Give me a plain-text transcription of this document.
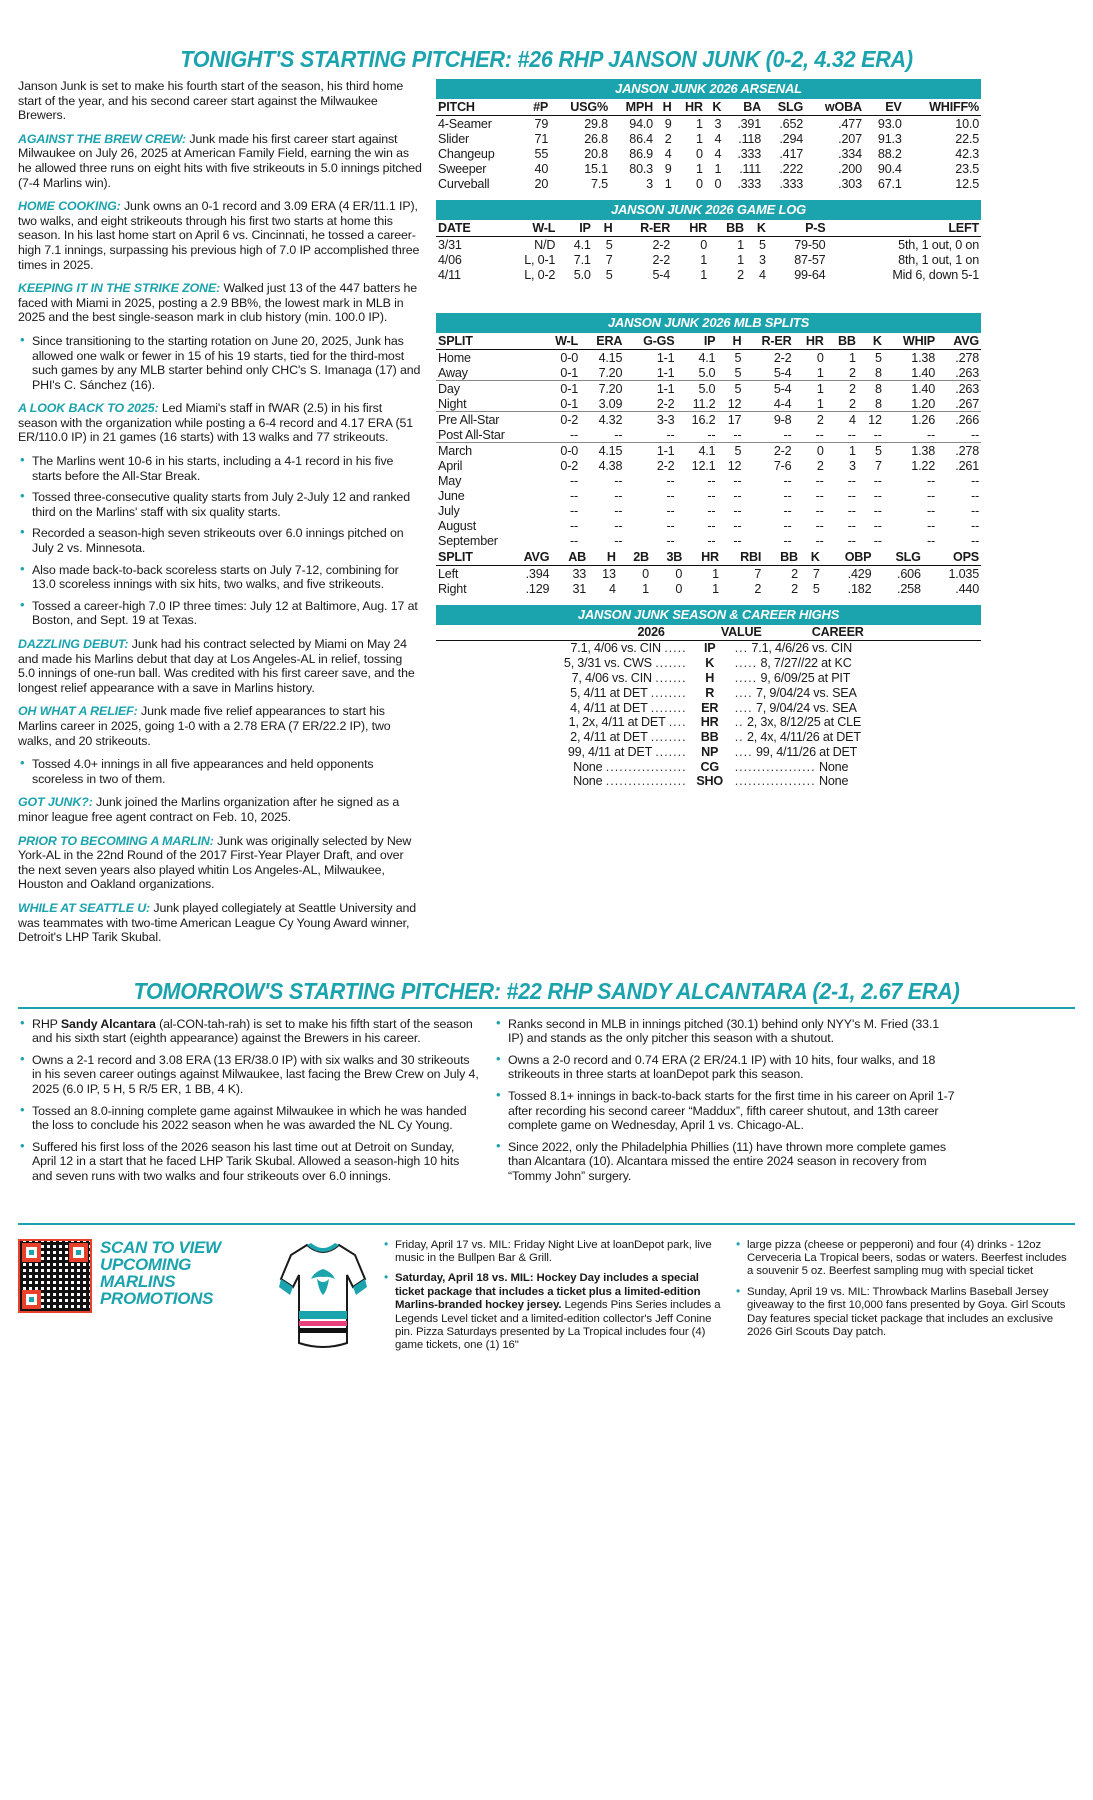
TONIGHT'S STARTING PITCHER: #26 RHP JANSON JUNK (0-2, 4.32 ERA)

Janson Junk is set to make his fourth start of the season, his third home start of the year, and his second career start against the Milwaukee Brewers.

AGAINST THE BREW CREW: Junk made his first career start against Milwaukee on July 26, 2025 at American Family Field, earning the win as he allowed three runs on eight hits with five strikeouts in 5.0 innings pitched (7-4 Marlins win).

HOME COOKING: Junk owns an 0-1 record and 3.09 ERA (4 ER/11.1 IP), two walks, and eight strikeouts through his first two starts at home this season. In his last home start on April 6 vs. Cincinnati, he tossed a career-high 7.1 innings, surpassing his previous high of 7.0 IP accomplished three times in 2025.

KEEPING IT IN THE STRIKE ZONE: Walked just 13 of the 447 batters he faced with Miami in 2025, posting a 2.9 BB%, the lowest mark in MLB in 2025 and the best single-season mark in club history (min. 100.0 IP).

• Since transitioning to the starting rotation on June 20, 2025, Junk has allowed one walk or fewer in 15 of his 19 starts, tied for the third-most such games by any MLB starter behind only CHC's S. Imanaga (17) and PHI's C. Sánchez (16).

A LOOK BACK TO 2025: Led Miami's staff in fWAR (2.5) in his first season with the organization while posting a 6-4 record and 4.17 ERA (51 ER/110.0 IP) in 21 games (16 starts) with 13 walks and 77 strikeouts.

• The Marlins went 10-6 in his starts, including a 4-1 record in his five starts before the All-Star Break.
• Tossed three-consecutive quality starts from July 2-July 12 and ranked third on the Marlins' staff with six quality starts.
• Recorded a season-high seven strikeouts over 6.0 innings pitched on July 2 vs. Minnesota.
• Also made back-to-back scoreless starts on July 7-12, combining for 13.0 scoreless innings with six hits, two walks, and five strikeouts.
• Tossed a career-high 7.0 IP three times: July 12 at Baltimore, Aug. 17 at Boston, and Sept. 19 at Texas.

DAZZLING DEBUT: Junk had his contract selected by Miami on May 24 and made his Marlins debut that day at Los Angeles-AL in relief, tossing 5.0 innings of one-run ball. Was credited with his first career save, and the longest relief appearance with a save in Marlins history.

OH WHAT A RELIEF: Junk made five relief appearances to start his Marlins career in 2025, going 1-0 with a 2.78 ERA (7 ER/22.2 IP), two walks, and 20 strikeouts.

• Tossed 4.0+ innings in all five appearances and held opponents scoreless in two of them.

GOT JUNK?: Junk joined the Marlins organization after he signed as a minor league free agent contract on Feb. 10, 2025.

PRIOR TO BECOMING A MARLIN: Junk was originally selected by New York-AL in the 22nd Round of the 2017 First-Year Player Draft, and over the next seven years also played whitin Los Angeles-AL, Milwaukee, Houston and Oakland organizations.

WHILE AT SEATTLE U: Junk played collegiately at Seattle University and was teammates with two-time American League Cy Young Award winner, Detroit's LHP Tarik Skubal.

JANSON JUNK 2026 ARSENAL
PITCH	#P	USG%	MPH	H	HR	K	BA	SLG	wOBA	EV	WHIFF%
4-Seamer	79	29.8	94.0	9	1	3	.391	.652	.477	93.0	10.0
Slider	71	26.8	86.4	2	1	4	.118	.294	.207	91.3	22.5
Changeup	55	20.8	86.9	4	0	4	.333	.417	.334	88.2	42.3
Sweeper	40	15.1	80.3	9	1	1	.111	.222	.200	90.4	23.5
Curveball	20	7.5	3	1	0	0	.333	.333	.303	67.1	12.5
JANSON JUNK 2026 GAME LOG
DATE	W-L	IP	H	R-ER	HR	BB	K	P-S	LEFT
3/31	N/D	4.1	5	2-2	0	1	5	79-50	5th, 1 out, 0 on
4/06	L, 0-1	7.1	7	2-2	1	1	3	87-57	8th, 1 out, 1 on
4/11	L, 0-2	5.0	5	5-4	1	2	4	99-64	Mid 6, down 5-1
JANSON JUNK 2026 MLB SPLITS
SPLIT	W-L	ERA	G-GS	IP	H	R-ER	HR	BB	K	WHIP	AVG
Home	0-0	4.15	1-1	4.1	5	2-2	0	1	5	1.38	.278
Away	0-1	7.20	1-1	5.0	5	5-4	1	2	8	1.40	.263
Day	0-1	7.20	1-1	5.0	5	5-4	1	2	8	1.40	.263
Night	0-1	3.09	2-2	11.2	12	4-4	1	2	8	1.20	.267
Pre All-Star	0-2	4.32	3-3	16.2	17	9-8	2	4	12	1.26	.266
Post All-Star	--	--	--	--	--	--	--	--	--	--	--
March	0-0	4.15	1-1	4.1	5	2-2	0	1	5	1.38	.278
April	0-2	4.38	2-2	12.1	12	7-6	2	3	7	1.22	.261
May	--	--	--	--	--	--	--	--	--	--	--
June	--	--	--	--	--	--	--	--	--	--	--
July	--	--	--	--	--	--	--	--	--	--	--
August	--	--	--	--	--	--	--	--	--	--	--
September	--	--	--	--	--	--	--	--	--	--	--
SPLIT	AVG	AB	H	2B	3B	HR	RBI	BB	K	OBP	SLG	OPS
Left	.394	33	13	0	0	1	7	2	7	.429	.606	1.035
Right	.129	31	4	1	0	1	2	2	5	.182	.258	.440
JANSON JUNK SEASON & CAREER HIGHS
2026	VALUE	CAREER
7.1, 4/06 vs. CIN .....	IP	... 7.1, 4/6/26 vs. CIN
5, 3/31 vs. CWS .......	K	..... 8, 7/27//22 at KC
7, 4/06 vs. CIN .......	H	..... 9, 6/09/25 at PIT
5, 4/11 at DET ........	R	.... 7, 9/04/24 vs. SEA
4, 4/11 at DET ........	ER	.... 7, 9/04/24 vs. SEA
1, 2x, 4/11 at DET ....	HR	.. 2, 3x, 8/12/25 at CLE
2, 4/11 at DET ........	BB	.. 2, 4x, 4/11/26 at DET
99, 4/11 at DET .......	NP	.... 99, 4/11/26 at DET
None ..................	CG	.................. None
None .................. SHO .................. None
TOMORROW'S STARTING PITCHER: #22 RHP SANDY ALCANTARA (2-1, 2.67 ERA)
• RHP Sandy Alcantara (al-CON-tah-rah) is set to make his fifth start of the season and his sixth start (eighth appearance) against the Brewers in his career.
• Owns a 2-1 record and 3.08 ERA (13 ER/38.0 IP) with six walks and 30 strikeouts in his seven career outings against Milwaukee, last facing the Brew Crew on July 4, 2025 (6.0 IP, 5 H, 5 R/5 ER, 1 BB, 4 K).
• Tossed an 8.0-inning complete game against Milwaukee in which he was handed the loss to conclude his 2022 season when he was awarded the NL Cy Young.
• Suffered his first loss of the 2026 season his last time out at Detroit on Sunday, April 12 in a start that he faced LHP Tarik Skubal. Allowed a season-high 10 hits and seven runs with two walks and four strikeouts over 6.0 innings.
• Ranks second in MLB in innings pitched (30.1) behind only NYY's M. Fried (33.1 IP) and stands as the only pitcher this season with a shutout.
• Owns a 2-0 record and 0.74 ERA (2 ER/24.1 IP) with 10 hits, four walks, and 18 strikeouts in three starts at loanDepot park this season.
• Tossed 8.1+ innings in back-to-back starts for the first time in his career on April 1-7 after recording his second career “Maddux”, fifth career shutout, and 13th career complete game on Wednesday, April 1 vs. Chicago-AL.
• Since 2022, only the Philadelphia Phillies (11) have thrown more complete games than Alcantara (10). Alcantara missed the entire 2024 season in recovery from “Tommy John” surgery.
SCAN TO VIEW UPCOMING MARLINS PROMOTIONS
• Friday, April 17 vs. MIL: Friday Night Live at loanDepot park, live music in the Bullpen Bar & Grill.
• Saturday, April 18 vs. MIL: Hockey Day includes a special ticket package that includes a ticket plus a limited-edition Marlins-branded hockey jersey. Legends Pins Series includes a Legends Level ticket and a limited-edition collector's Jeff Conine pin. Pizza Saturdays presented by La Tropical includes four (4) game tickets, one (1) 16"
• large pizza (cheese or pepperoni) and four (4) drinks - 12oz Cerveceria La Tropical beers, sodas or waters. Beerfest includes a souvenir 5 oz. Beerfest sampling mug with special ticket
• Sunday, April 19 vs. MIL: Throwback Marlins Baseball Jersey giveaway to the first 10,000 fans presented by Goya. Girl Scouts Day features special ticket package that includes an exclusive 2026 Girl Scouts Day patch.
